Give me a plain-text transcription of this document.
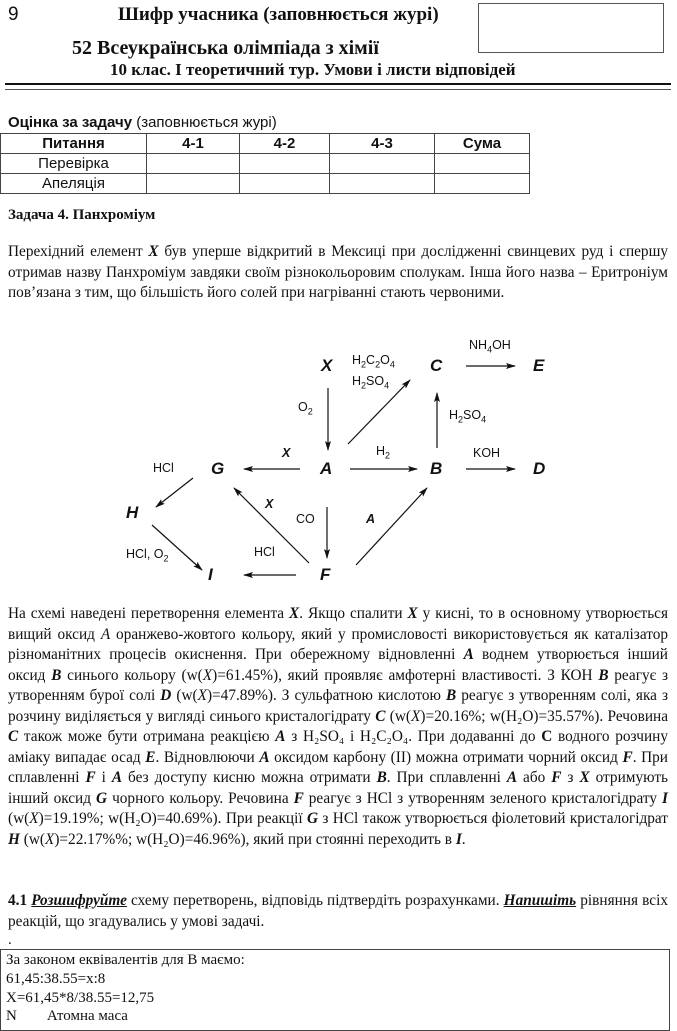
9	Шифр учасника (заповнюється журі)
52 Всеукраїнська олімпіада з хімії
10 клас. І теоретичний тур. Умови і листи відповідей
Оцінка за задачу (заповнюється журі)
Питання	4-1	4-2	4-3	Сума
Перевірка				
Апеляція				
Задача 4. Панхроміум
Перехідний елемент X був уперше відкритий в Мексиці при дослідженні свинцевих руд і спершу отримав назву Панхроміум завдяки своїм різнокольоровим сполукам. Інша його назва – Еритроніум пов’язана з тим, що більшість його солей при нагріванні стають червоними.
X	C	E
A	B	D
G
H
I	F
$O_2$
$H_2C_2O_4$
$H_2SO_4$
$NH_4OH$
$H_2SO_4$
$H_2$	KOH
X
HCl
HCl, $O_2$
X
CO	A
HCl
На схемі наведені перетворення елемента X. Якщо спалити X у кисні, то в основному утворюється вищий оксид A оранжево-жовтого кольору, який у промисловості використовується як каталізатор різноманітних процесів окиснення. При обережному відновленні A воднем утворюється інший оксид B синього кольору (w(X)=61.45%), який проявляє амфотерні властивості. З КОН B реагує з утворенням бурої солі D (w(X)=47.89%). З сульфатною кислотою B реагує з утворенням солі, яка з розчину виділяється у вигляді синього кристалогідрату C (w(X)=20.16%; w(H₂O)=35.57%). Речовина C також може бути отримана реакцією A з H₂SO₄ і H₂C₂O₄. При додаванні до C водного розчину аміаку випадає осад E. Відновлюючи A оксидом карбону (II) можна отримати чорний оксид F. При сплавленні F і A без доступу кисню можна отримати B. При сплавленні A або F з X отримують інший оксид G чорного кольору. Речовина F реагує з HCl з утворенням зеленого кристалогідрату I (w(X)=19.19%; w(H₂O)=40.69%). При реакції G з HCl також утворюється фіолетовий кристалогідрат H (w(X)=22.17%%; w(H₂O)=46.96%), який при стоянні переходить в I.
4.1 Розшифруйте схему перетворень, відповідь підтвердіть розрахунками. Напишіть рівняння всіх реакцій, що згадувались у умові задачі.
.
За законом еквівалентів для В маємо:
61,45:38.55=x:8
X=61,45*8/38.55=12,75
N        Атомна маса
